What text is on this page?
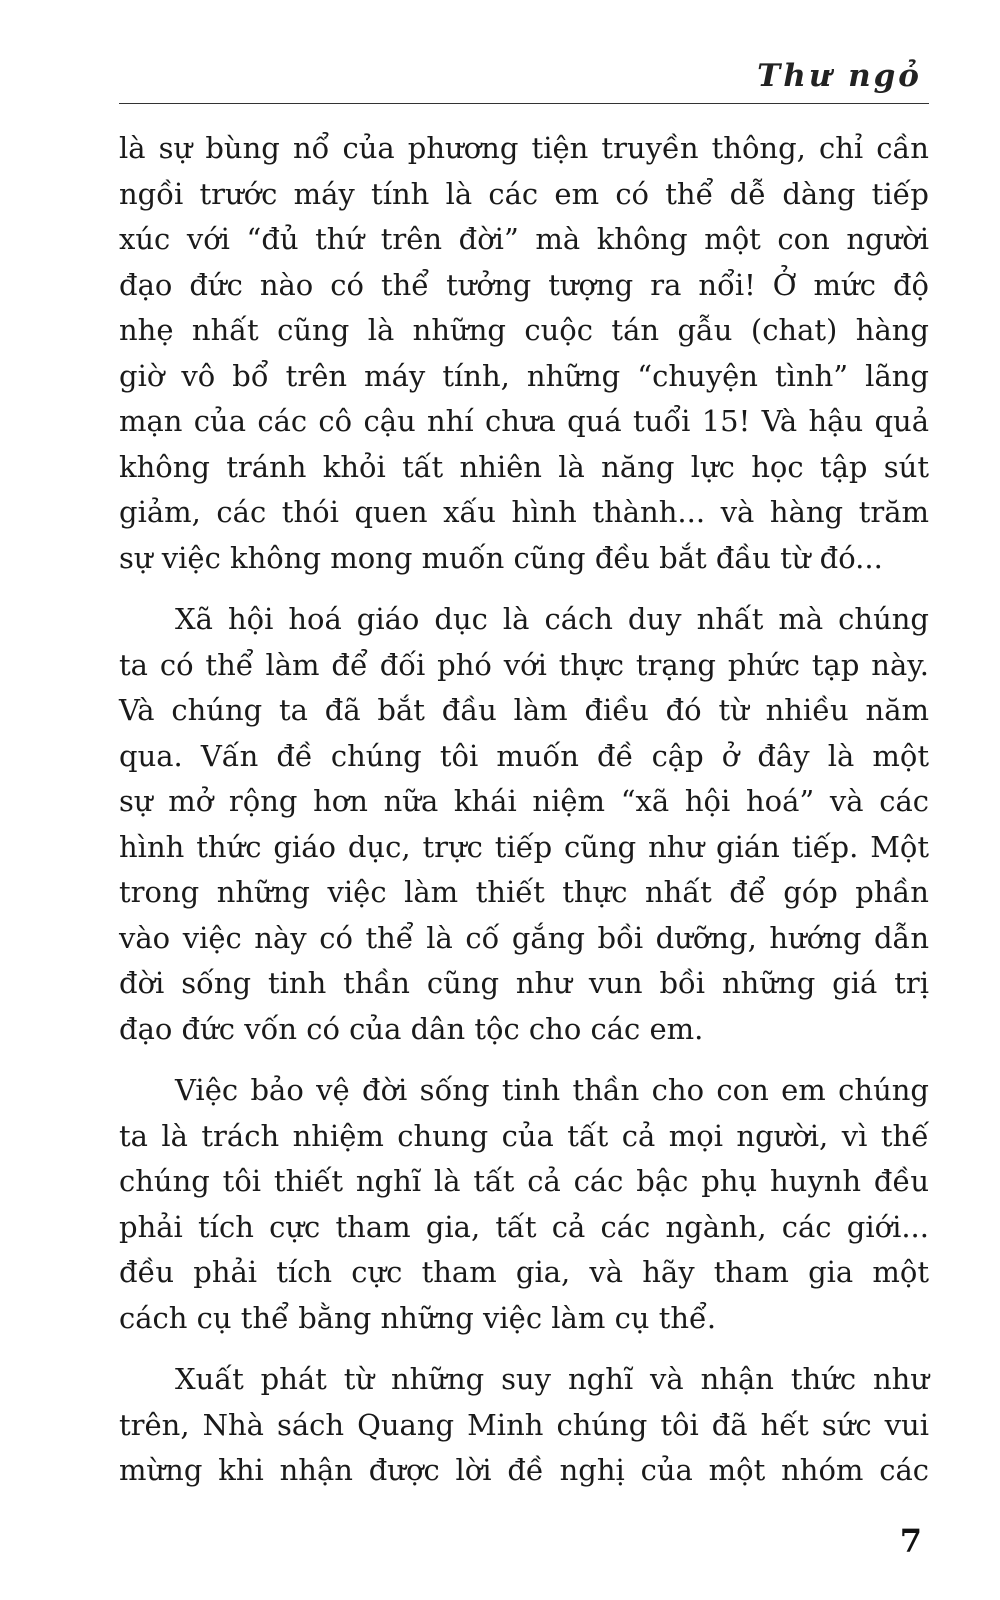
Thư ngỏ

là sự bùng nổ của phương tiện truyền thông, chỉ cần
ngồi trước máy tính là các em có thể dễ dàng tiếp
xúc với “đủ thứ trên đời” mà không một con người
đạo đức nào có thể tưởng tượng ra nổi! Ở mức độ
nhẹ nhất cũng là những cuộc tán gẫu (chat) hàng
giờ vô bổ trên máy tính, những “chuyện tình” lãng
mạn của các cô cậu nhí chưa quá tuổi 15! Và hậu quả
không tránh khỏi tất nhiên là năng lực học tập sút
giảm, các thói quen xấu hình thành... và hàng trăm
sự việc không mong muốn cũng đều bắt đầu từ đó...

Xã hội hoá giáo dục là cách duy nhất mà chúng
ta có thể làm để đối phó với thực trạng phức tạp này.
Và chúng ta đã bắt đầu làm điều đó từ nhiều năm
qua. Vấn đề chúng tôi muốn đề cập ở đây là một
sự mở rộng hơn nữa khái niệm “xã hội hoá” và các
hình thức giáo dục, trực tiếp cũng như gián tiếp. Một
trong những việc làm thiết thực nhất để góp phần
vào việc này có thể là cố gắng bồi dưỡng, hướng dẫn
đời sống tinh thần cũng như vun bồi những giá trị
đạo đức vốn có của dân tộc cho các em.

Việc bảo vệ đời sống tinh thần cho con em chúng
ta là trách nhiệm chung của tất cả mọi người, vì thế
chúng tôi thiết nghĩ là tất cả các bậc phụ huynh đều
phải tích cực tham gia, tất cả các ngành, các giới...
đều phải tích cực tham gia, và hãy tham gia một
cách cụ thể bằng những việc làm cụ thể.

Xuất phát từ những suy nghĩ và nhận thức như
trên, Nhà sách Quang Minh chúng tôi đã hết sức vui
mừng khi nhận được lời đề nghị của một nhóm các

7
